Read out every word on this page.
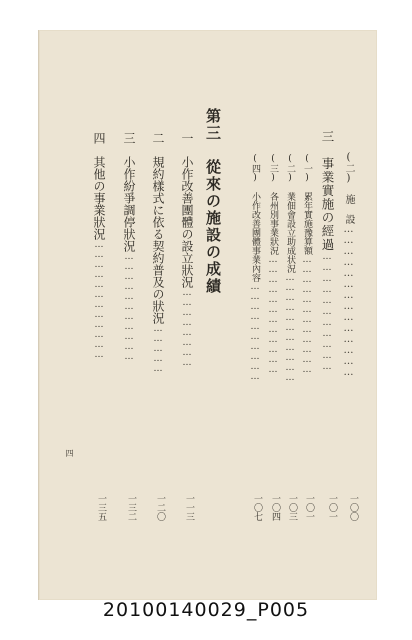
(二)　施　設……………………………………
一〇〇
三　事業實施の經過……………………………
一〇一
(一)　累年實施豫算額………………………………
一〇一
(二)　業佃會設立助成状況……………………………
一〇三
(三)　各州別事業狀況………………………………
一〇四
(四)　小作改善團體事業內容…………………………
一〇七
第三　從來の施設の成績
一　小作改善團體の設立狀況……………………
一一三
二　規約樣式に依る契約普及の狀況……………
一二〇
三　小作紛爭調停狀況……………………………
一三二
四　其他の事業狀況………………………………
一三五
四
20100140029_P005
